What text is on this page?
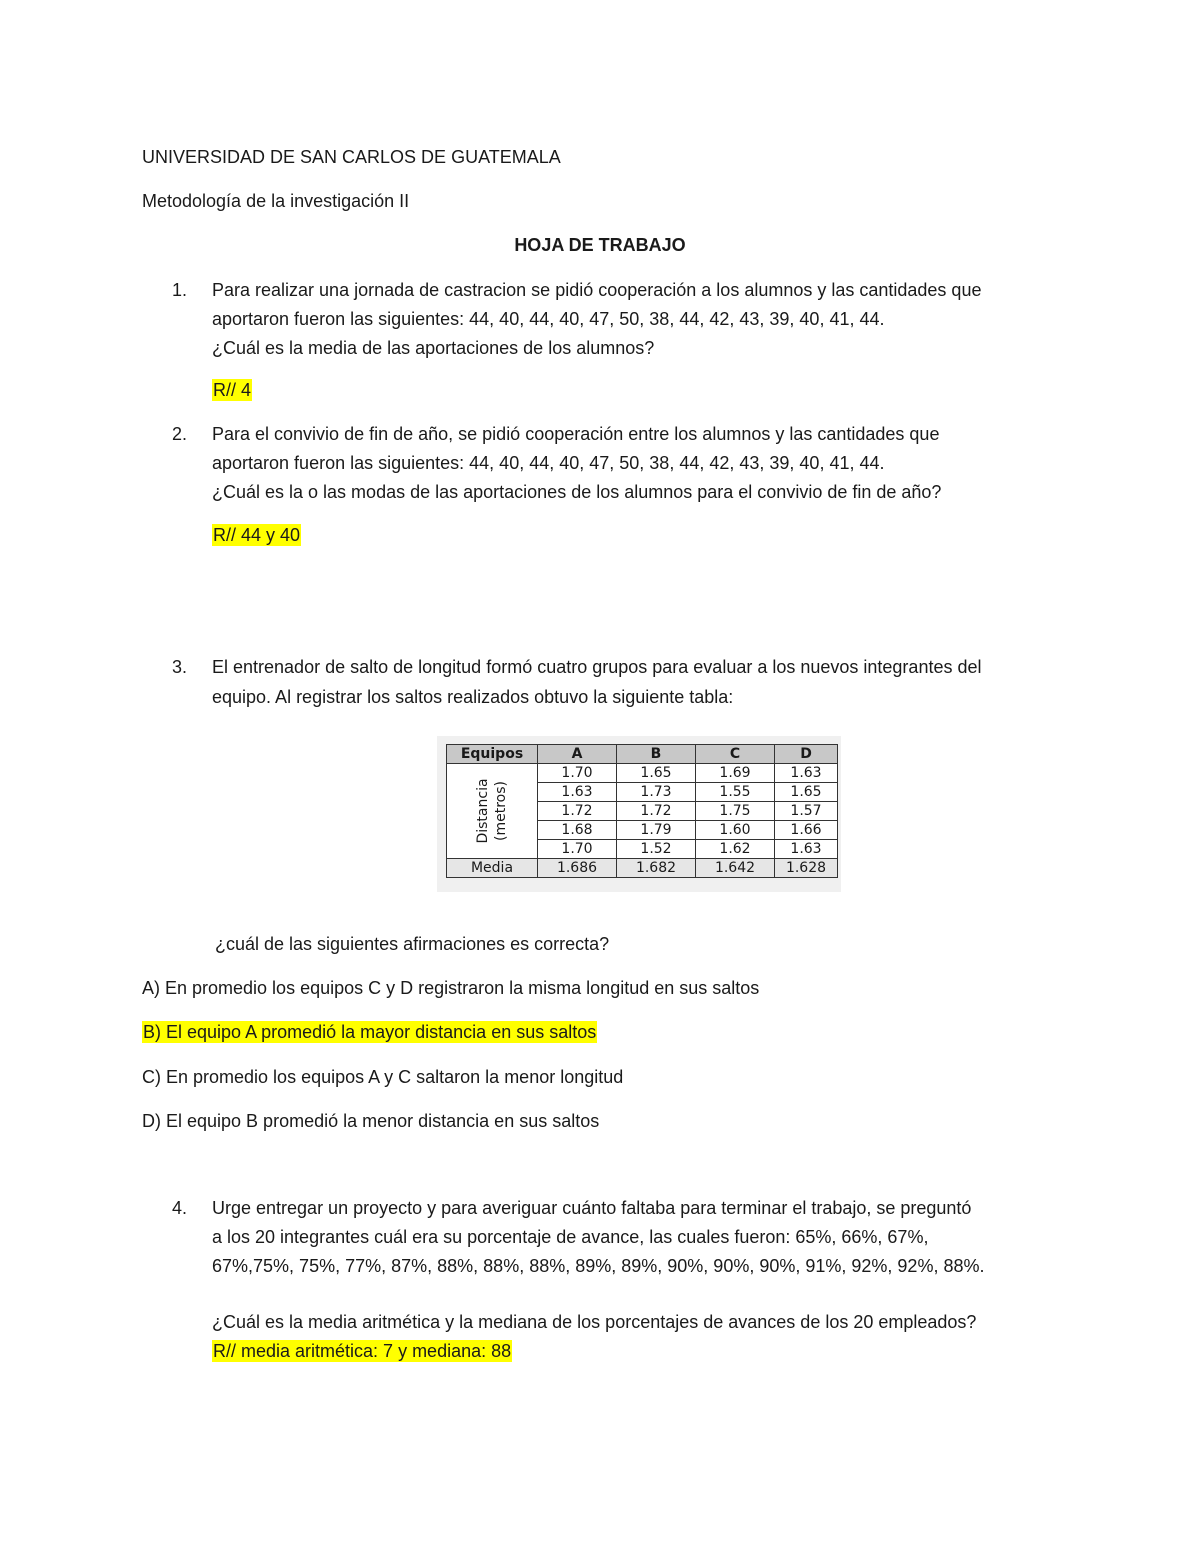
UNIVERSIDAD DE SAN CARLOS DE GUATEMALA
Metodología de la investigación II
HOJA DE TRABAJO
1. Para realizar una jornada de castracion se pidió cooperación a los alumnos y las cantidades que
aportaron fueron las siguientes: 44, 40, 44, 40, 47, 50, 38, 44, 42, 43, 39, 40, 41, 44.
¿Cuál es la media de las aportaciones de los alumnos?
R// 4
2. Para el convivio de fin de año, se pidió cooperación entre los alumnos y las cantidades que
aportaron fueron las siguientes: 44, 40, 44, 40, 47, 50, 38, 44, 42, 43, 39, 40, 41, 44.
¿Cuál es la o las modas de las aportaciones de los alumnos para el convivio de fin de año?
R// 44 y 40
3. El entrenador de salto de longitud formó cuatro grupos para evaluar a los nuevos integrantes del
equipo. Al registrar los saltos realizados obtuvo la siguiente tabla:
Equipos	A	B	C	D

Distancia (metros)	1.70	1.65	1.69	1.63
	1.63	1.73	1.55	1.65
	1.72	1.72	1.75	1.57
	1.68	1.79	1.60	1.66
	1.70	1.52	1.62	1.63
Media	1.686	1.682	1.642	1.628
¿cuál de las siguientes afirmaciones es correcta?
A) En promedio los equipos C y D registraron la misma longitud en sus saltos
B) El equipo A promedió la mayor distancia en sus saltos
C) En promedio los equipos A y C saltaron la menor longitud
D) El equipo B promedió la menor distancia en sus saltos
4. Urge entregar un proyecto y para averiguar cuánto faltaba para terminar el trabajo, se preguntó
a los 20 integrantes cuál era su porcentaje de avance, las cuales fueron: 65%, 66%, 67%,
67%,75%, 75%, 77%, 87%, 88%, 88%, 88%, 89%, 89%, 90%, 90%, 90%, 91%, 92%, 92%, 88%.
¿Cuál es la media aritmética y la mediana de los porcentajes de avances de los 20 empleados?
R// media aritmética: 7 y mediana: 88
